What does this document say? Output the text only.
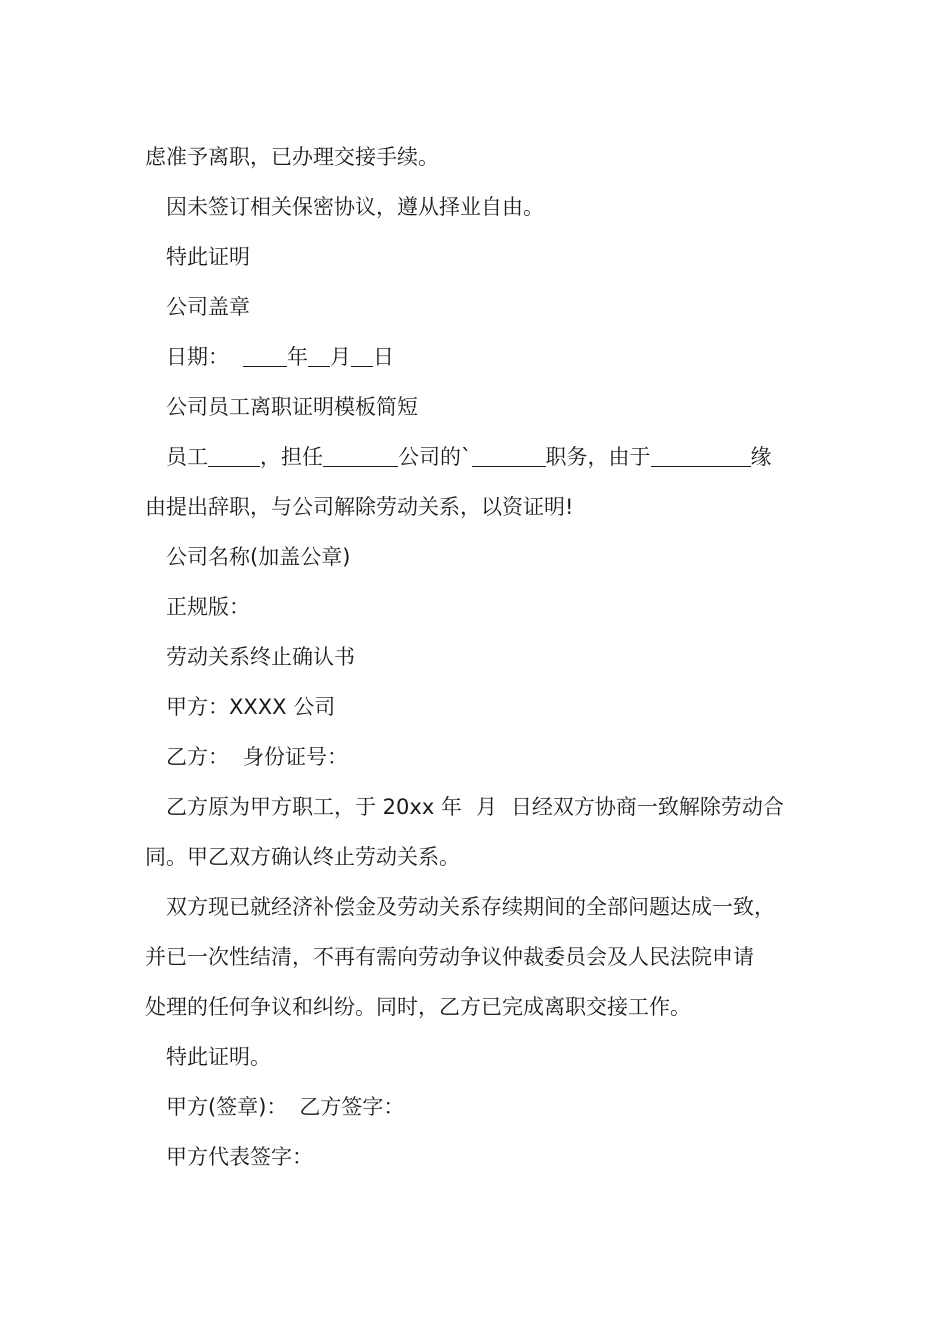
虑准予离职，已办理交接手续。
因未签订相关保密协议，遵从择业自由。
特此证明
公司盖章
日期：	年 月 日
公司员工离职证明模板简短
员工 ，担任	公司的`	职务，由于	缘
由提出辞职，与公司解除劳动关系，以资证明!
公司名称(加盖公章)
正规版：
劳动关系终止确认书
甲方：XXXX 公司
乙方： 身份证号：
乙方原为甲方职工，于 20xx 年 月 日经双方协商一致解除劳动合
同。甲乙双方确认终止劳动关系。
双方现已就经济补偿金及劳动关系存续期间的全部问题达成一致，
并已一次性结清，不再有需向劳动争议仲裁委员会及人民法院申请
处理的任何争议和纠纷。同时，乙方已完成离职交接工作。
特此证明。
甲方(签章)： 乙方签字：
甲方代表签字：
